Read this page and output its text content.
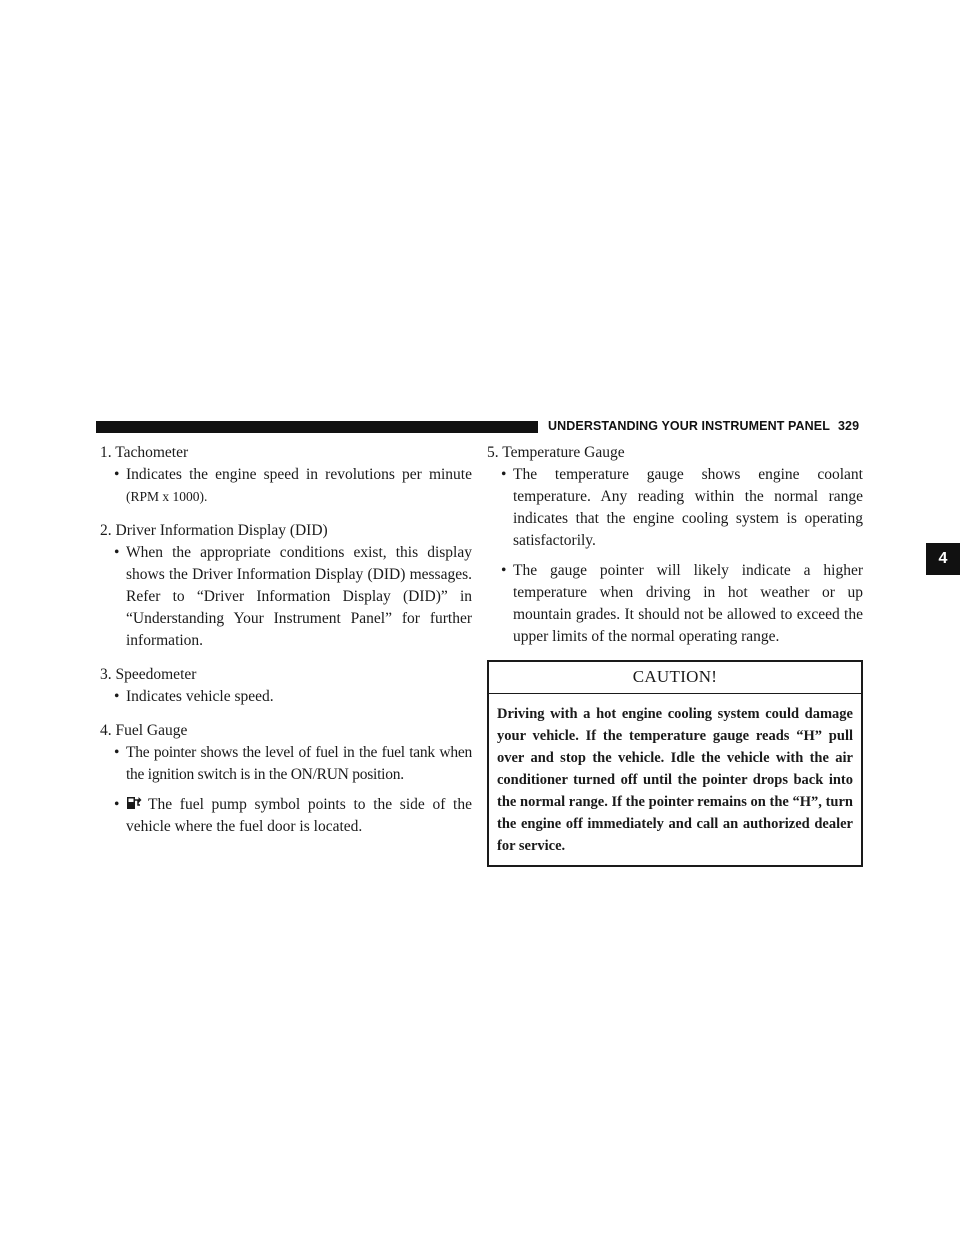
UNDERSTANDING YOUR INSTRUMENT PANEL 329
4
1. Tachometer
• Indicates the engine speed in revolutions per minute (RPM x 1000).
2. Driver Information Display (DID)
• When the appropriate conditions exist, this display shows the Driver Information Display (DID) messages. Refer to “Driver Information Display (DID)” in “Understanding Your Instrument Panel” for further information.
3. Speedometer
• Indicates vehicle speed.
4. Fuel Gauge
• The pointer shows the level of fuel in the fuel tank when the ignition switch is in the ON/RUN position.
• The fuel pump symbol points to the side of the vehicle where the fuel door is located.
5. Temperature Gauge
• The temperature gauge shows engine coolant temperature. Any reading within the normal range indicates that the engine cooling system is operating satisfactorily.
• The gauge pointer will likely indicate a higher temperature when driving in hot weather or up mountain grades. It should not be allowed to exceed the upper limits of the normal operating range.
CAUTION!
Driving with a hot engine cooling system could damage your vehicle. If the temperature gauge reads “H” pull over and stop the vehicle. Idle the vehicle with the air conditioner turned off until the pointer drops back into the normal range. If the pointer remains on the “H”, turn the engine off immediately and call an authorized dealer for service.
